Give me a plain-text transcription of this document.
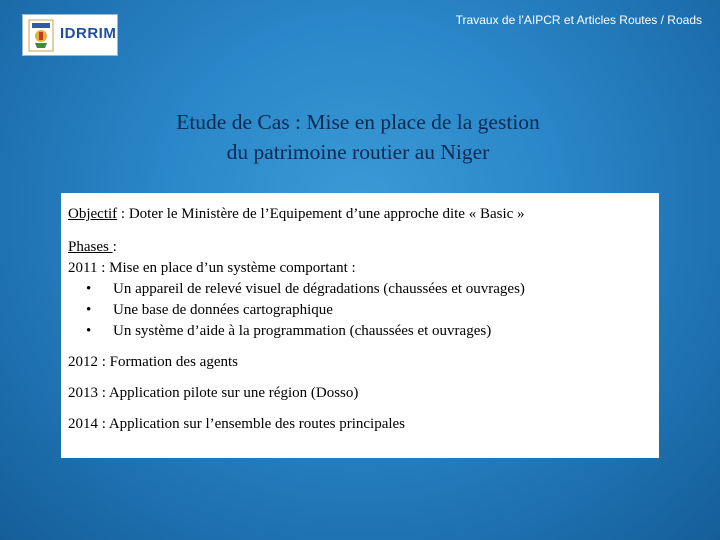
IDRRIM
Travaux de l’AIPCR et Articles Routes / Roads
Etude de Cas : Mise en place de la gestion
du patrimoine routier au Niger
Objectif : Doter le Ministère de l’Equipement d’une approche dite « Basic »
Phases :
2011 : Mise en place d’un système comportant :
• Un appareil de relevé visuel de dégradations (chaussées et ouvrages)
• Une base de données cartographique
• Un système d’aide à la programmation (chaussées et ouvrages)
2012 : Formation des agents
2013 : Application pilote sur une région (Dosso)
2014 : Application sur l’ensemble des routes principales
